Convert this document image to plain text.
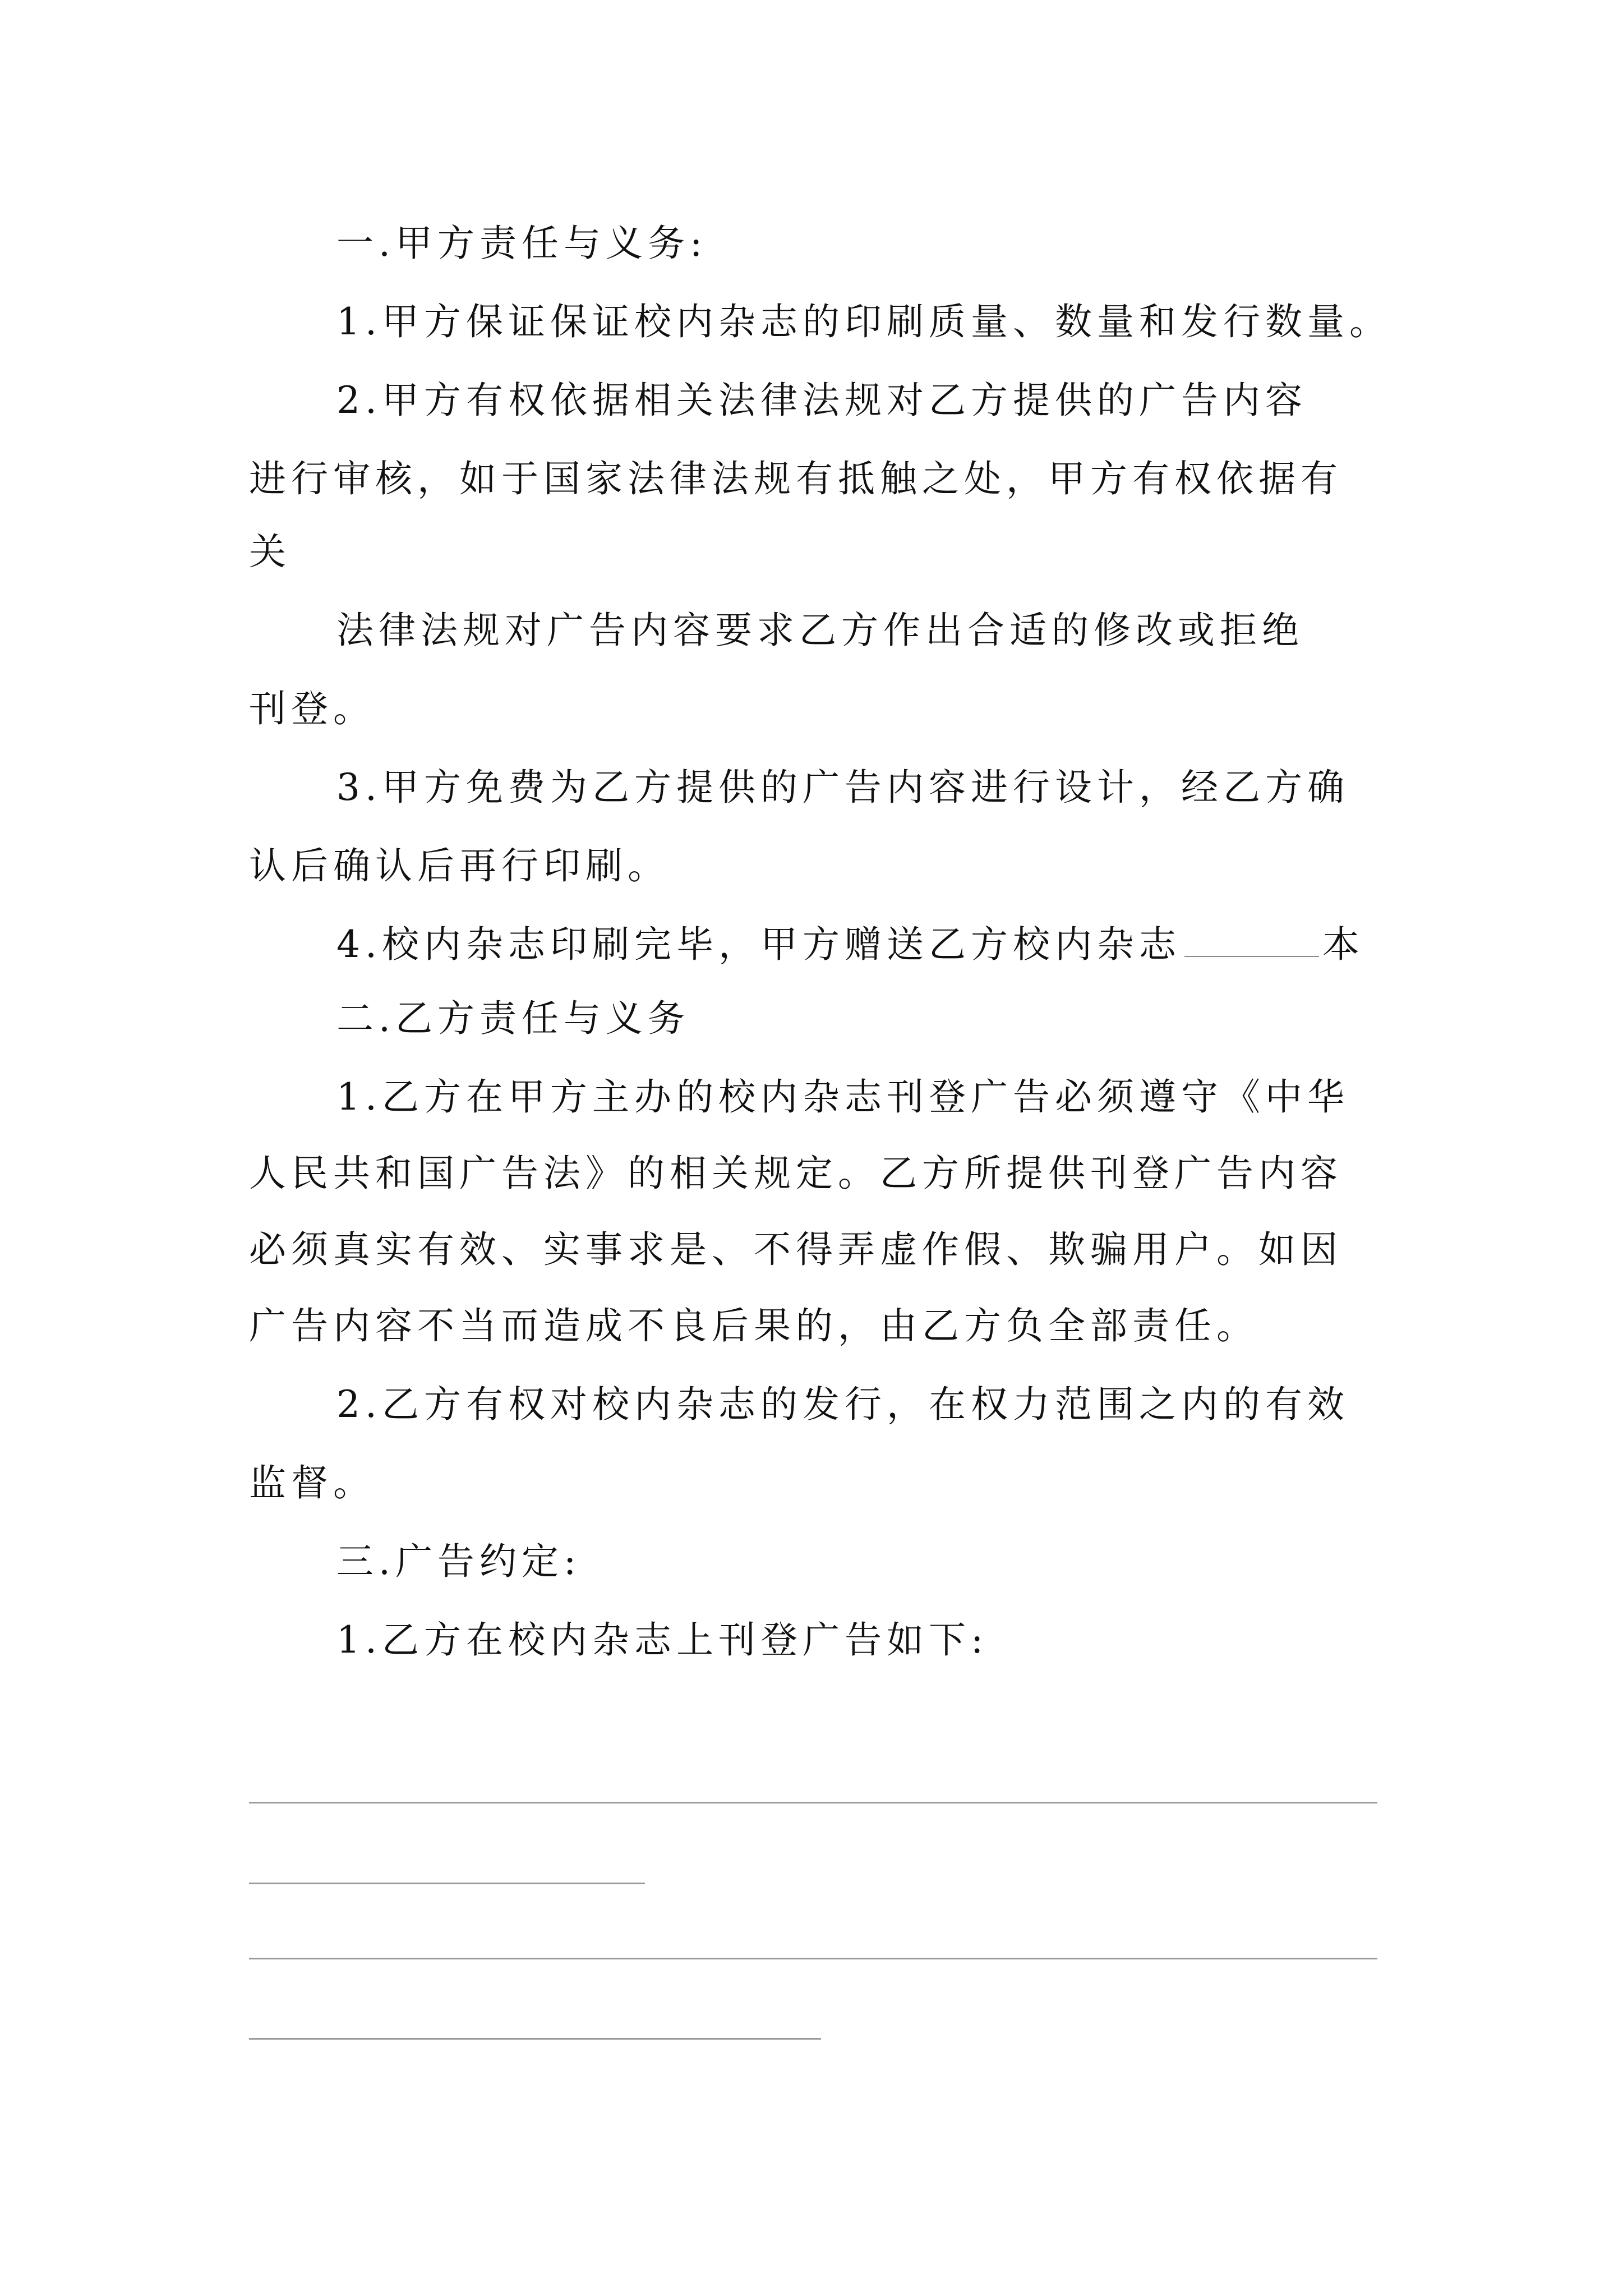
一.甲方责任与义务:
1.甲方保证保证校内杂志的印刷质量、数量和发行数量。
2.甲方有权依据相关法律法规对乙方提供的广告内容
进行审核，如于国家法律法规有抵触之处，甲方有权依据有
关
法律法规对广告内容要求乙方作出合适的修改或拒绝
刊登。
3.甲方免费为乙方提供的广告内容进行设计，经乙方确
认后确认后再行印刷。
4.校内杂志印刷完毕，甲方赠送乙方校内杂志	本
二.乙方责任与义务
1.乙方在甲方主办的校内杂志刊登广告必须遵守《中华
人民共和国广告法》的相关规定。乙方所提供刊登广告内容
必须真实有效、实事求是、不得弄虚作假、欺骗用户。如因
广告内容不当而造成不良后果的，由乙方负全部责任。
2.乙方有权对校内杂志的发行，在权力范围之内的有效
监督。
三.广告约定:
1.乙方在校内杂志上刊登广告如下:
